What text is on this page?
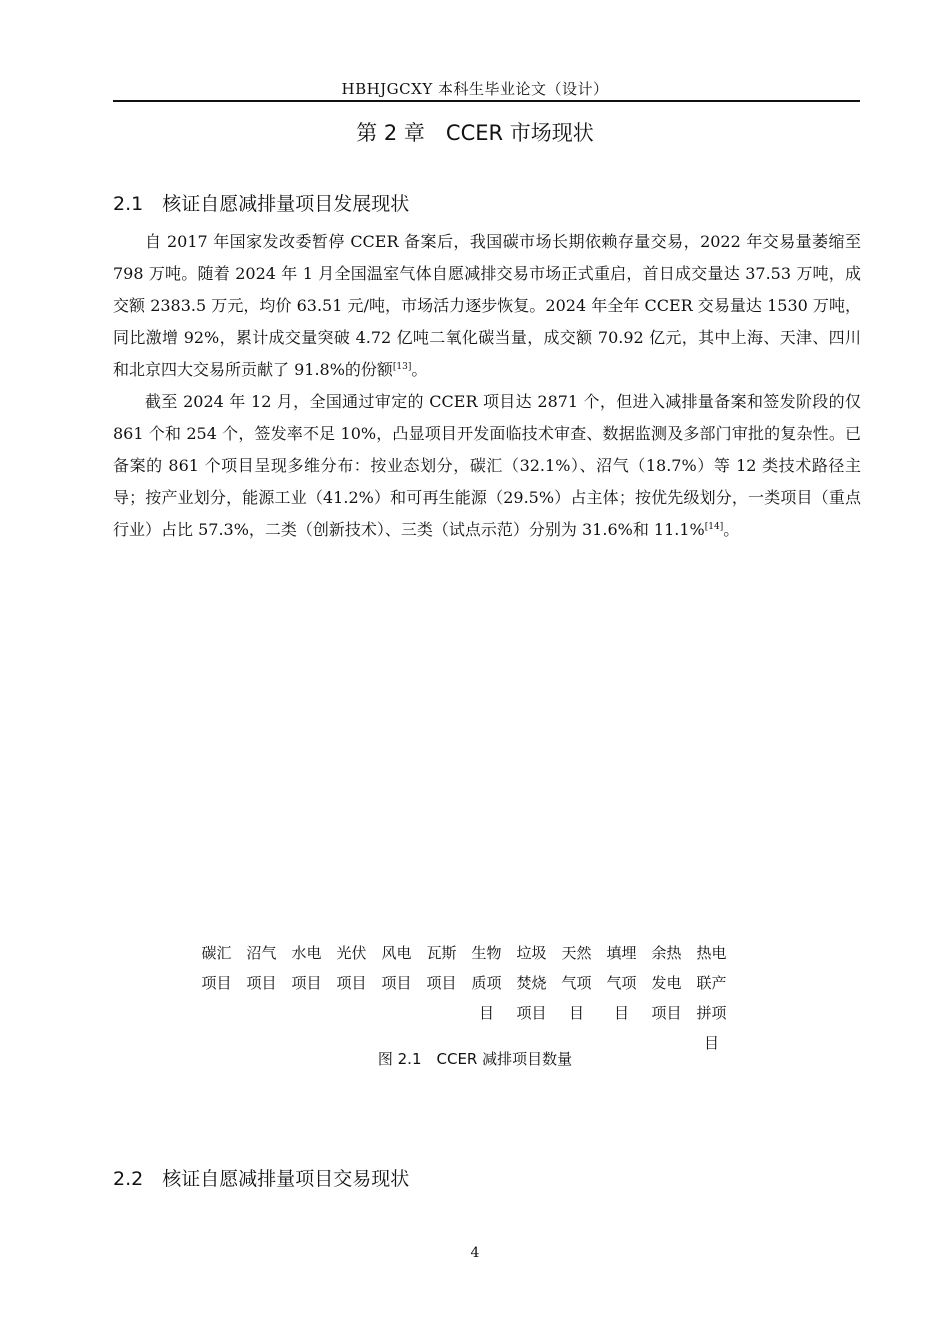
HBHJGCXY 本科生毕业论文（设计）
第 2 章　CCER 市场现状
2.1　核证自愿减排量项目发展现状

自 2017 年国家发改委暂停 CCER 备案后，我国碳市场长期依赖存量交易，2022 年交易量萎缩至 798 万吨。随着 2024 年 1 月全国温室气体自愿减排交易市场正式重启，首日成交量达 37.53 万吨，成交额 2383.5 万元，均价 63.51 元/吨，市场活力逐步恢复。2024 年全年 CCER 交易量达 1530 万吨，同比激增 92%，累计成交量突破 4.72 亿吨二氧化碳当量，成交额 70.92 亿元，其中上海、天津、四川和北京四大交易所贡献了 91.8%的份额[13]。

截至 2024 年 12 月，全国通过审定的 CCER 项目达 2871 个，但进入减排量备案和签发阶段的仅 861 个和 254 个，签发率不足 10%，凸显项目开发面临技术审查、数据监测及多部门审批的复杂性。已备案的 861 个项目呈现多维分布：按业态划分，碳汇（32.1%）、沼气（18.7%）等 12 类技术路径主导；按产业划分，能源工业（41.2%）和可再生能源（29.5%）占主体；按优先级划分，一类项目（重点行业）占比 57.3%，二类（创新技术）、三类（试点示范）分别为 31.6%和 11.1%[14]。

碳汇项目
沼气项目
水电项目
光伏项目
风电项目
瓦斯项目
生物质项目
垃圾焚烧项目
天然气项目
填埋气项目
余热发电项目
热电联产拼项目
图 2.1　CCER 减排项目数量
2.2　核证自愿减排量项目交易现状
4
